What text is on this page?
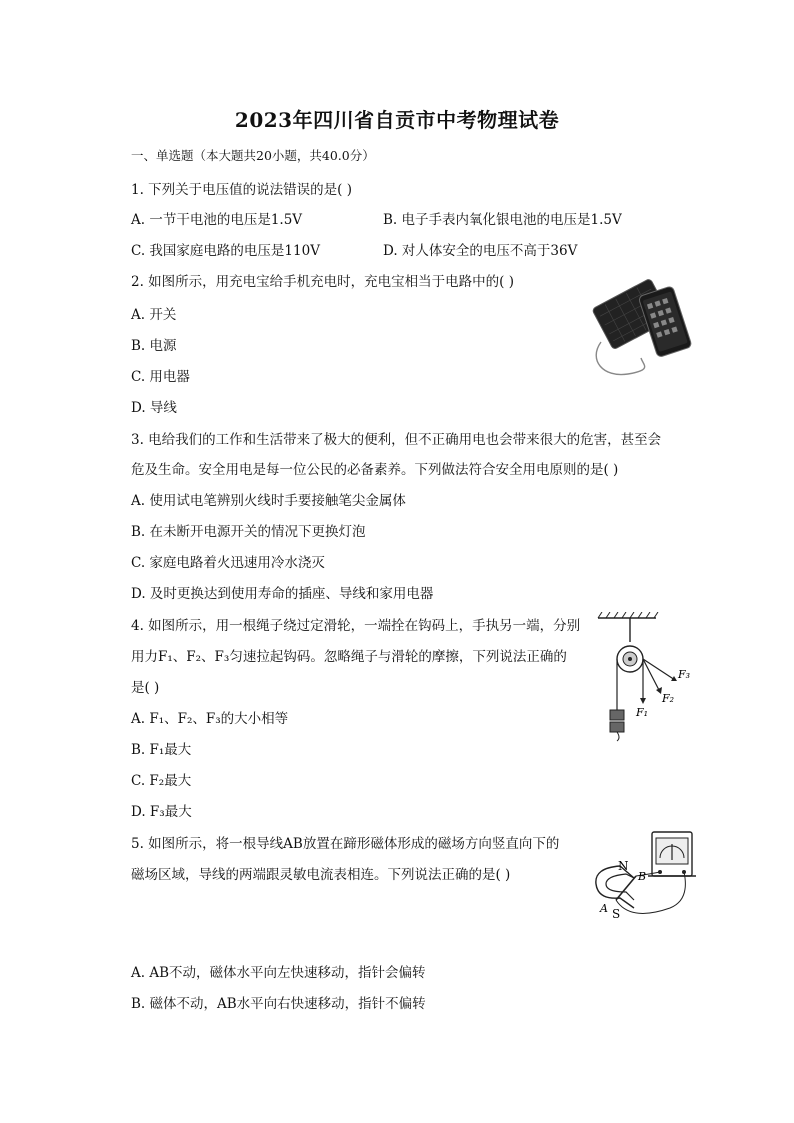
2023年四川省自贡市中考物理试卷
一、单选题（本大题共20小题，共40.0分）
1. 下列关于电压值的说法错误的是( )
A. 一节干电池的电压是1.5V	B. 电子手表内氧化银电池的电压是1.5V
C. 我国家庭电路的电压是110V	D. 对人体安全的电压不高于36V
2. 如图所示，用充电宝给手机充电时，充电宝相当于电路中的( )
A. 开关
B. 电源
C. 用电器
D. 导线
3. 电给我们的工作和生活带来了极大的便利，但不正确用电也会带来很大的危害，甚至会
危及生命。安全用电是每一位公民的必备素养。下列做法符合安全用电原则的是( )
A. 使用试电笔辨别火线时手要接触笔尖金属体
B. 在未断开电源开关的情况下更换灯泡
C. 家庭电路着火迅速用冷水浇灭
D. 及时更换达到使用寿命的插座、导线和家用电器
4. 如图所示，用一根绳子绕过定滑轮，一端拴在钩码上，手执另一端，分别
用力F₁、F₂、F₃匀速拉起钩码。忽略绳子与滑轮的摩擦，下列说法正确的
是( )
A. F₁、F₂、F₃的大小相等
B. F₁最大
C. F₂最大
D. F₃最大
F₁
F₂
F₃
5. 如图所示，将一根导线AB放置在蹄形磁体形成的磁场方向竖直向下的
磁场区域，导线的两端跟灵敏电流表相连。下列说法正确的是( )
N
S
A
B
A. AB不动，磁体水平向左快速移动，指针会偏转
B. 磁体不动，AB水平向右快速移动，指针不偏转
